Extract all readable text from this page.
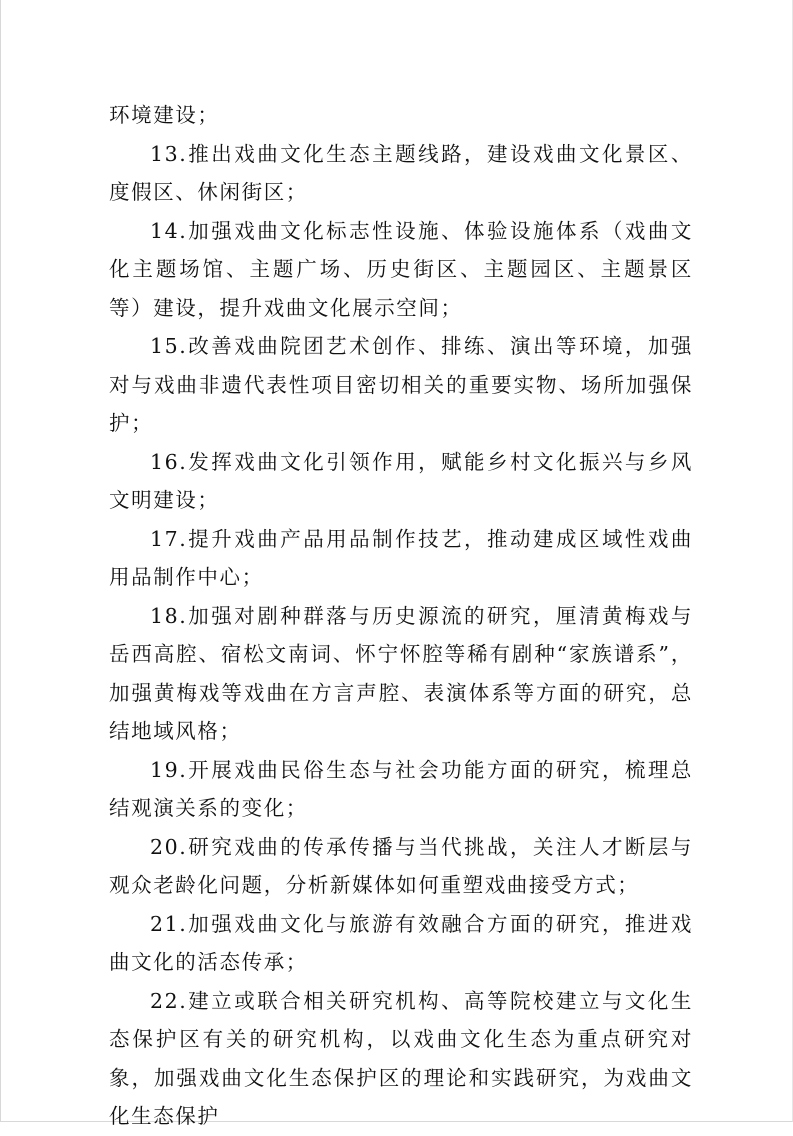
环境建设；

13.推出戏曲文化生态主题线路，建设戏曲文化景区、度假区、休闲街区；

14.加强戏曲文化标志性设施、体验设施体系（戏曲文化主题场馆、主题广场、历史街区、主题园区、主题景区等）建设，提升戏曲文化展示空间；

15.改善戏曲院团艺术创作、排练、演出等环境，加强对与戏曲非遗代表性项目密切相关的重要实物、场所加强保护；

16.发挥戏曲文化引领作用，赋能乡村文化振兴与乡风文明建设；

17.提升戏曲产品用品制作技艺，推动建成区域性戏曲用品制作中心；

18.加强对剧种群落与历史源流的研究，厘清黄梅戏与岳西高腔、宿松文南词、怀宁怀腔等稀有剧种“家族谱系”，加强黄梅戏等戏曲在方言声腔、表演体系等方面的研究，总结地域风格；

19.开展戏曲民俗生态与社会功能方面的研究，梳理总结观演关系的变化；

20.研究戏曲的传承传播与当代挑战，关注人才断层与观众老龄化问题，分析新媒体如何重塑戏曲接受方式；

21.加强戏曲文化与旅游有效融合方面的研究，推进戏曲文化的活态传承；

22.建立或联合相关研究机构、高等院校建立与文化生态保护区有关的研究机构，以戏曲文化生态为重点研究对象，加强戏曲文化生态保护区的理论和实践研究，为戏曲文化生态保护
